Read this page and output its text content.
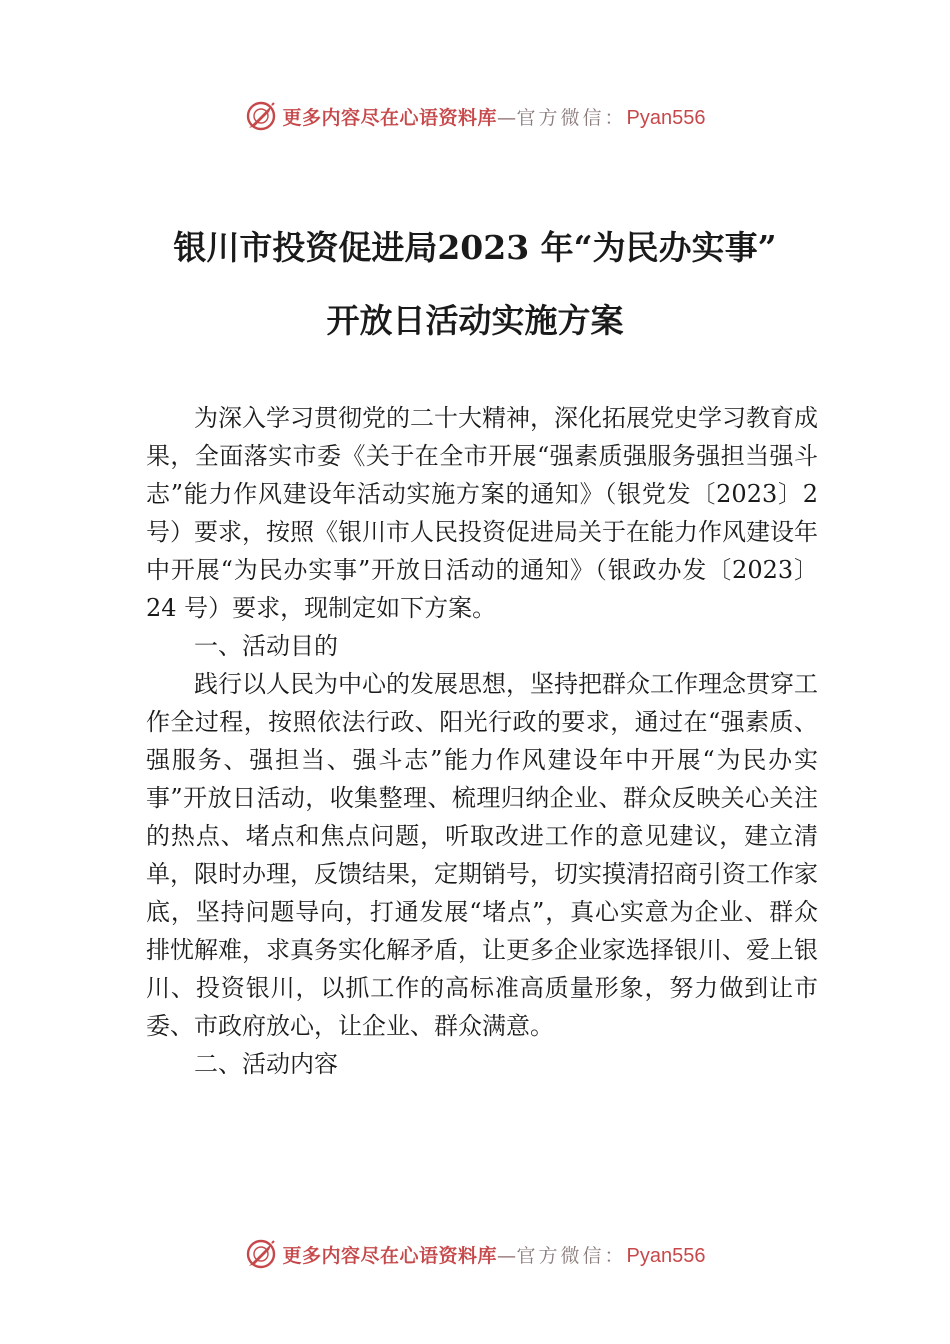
更多内容尽在心语资料库 — 官方微信： Pyan556
银川市投资促进局2023 年“为民办实事”
开放日活动实施方案

为深入学习贯彻党的二十大精神，深化拓展党史学习教育成果，全面落实市委《关于在全市开展“强素质强服务强担当强斗志”能力作风建设年活动实施方案的通知》（银党发〔2023〕2 号）要求，按照《银川市人民投资促进局关于在能力作风建设年中开展“为民办实事”开放日活动的通知》（银政办发〔2023〕24 号）要求，现制定如下方案。

一、活动目的

践行以人民为中心的发展思想，坚持把群众工作理念贯穿工作全过程，按照依法行政、阳光行政的要求，通过在“强素质、强服务、强担当、强斗志”能力作风建设年中开展“为民办实事”开放日活动，收集整理、梳理归纳企业、群众反映关心关注的热点、堵点和焦点问题，听取改进工作的意见建议，建立清单，限时办理，反馈结果，定期销号，切实摸清招商引资工作家底，坚持问题导向，打通发展“堵点”，真心实意为企业、群众排忧解难，求真务实化解矛盾，让更多企业家选择银川、爱上银川、投资银川，以抓工作的高标准高质量形象，努力做到让市委、市政府放心，让企业、群众满意。

二、活动内容

更多内容尽在心语资料库 — 官方微信： Pyan556
